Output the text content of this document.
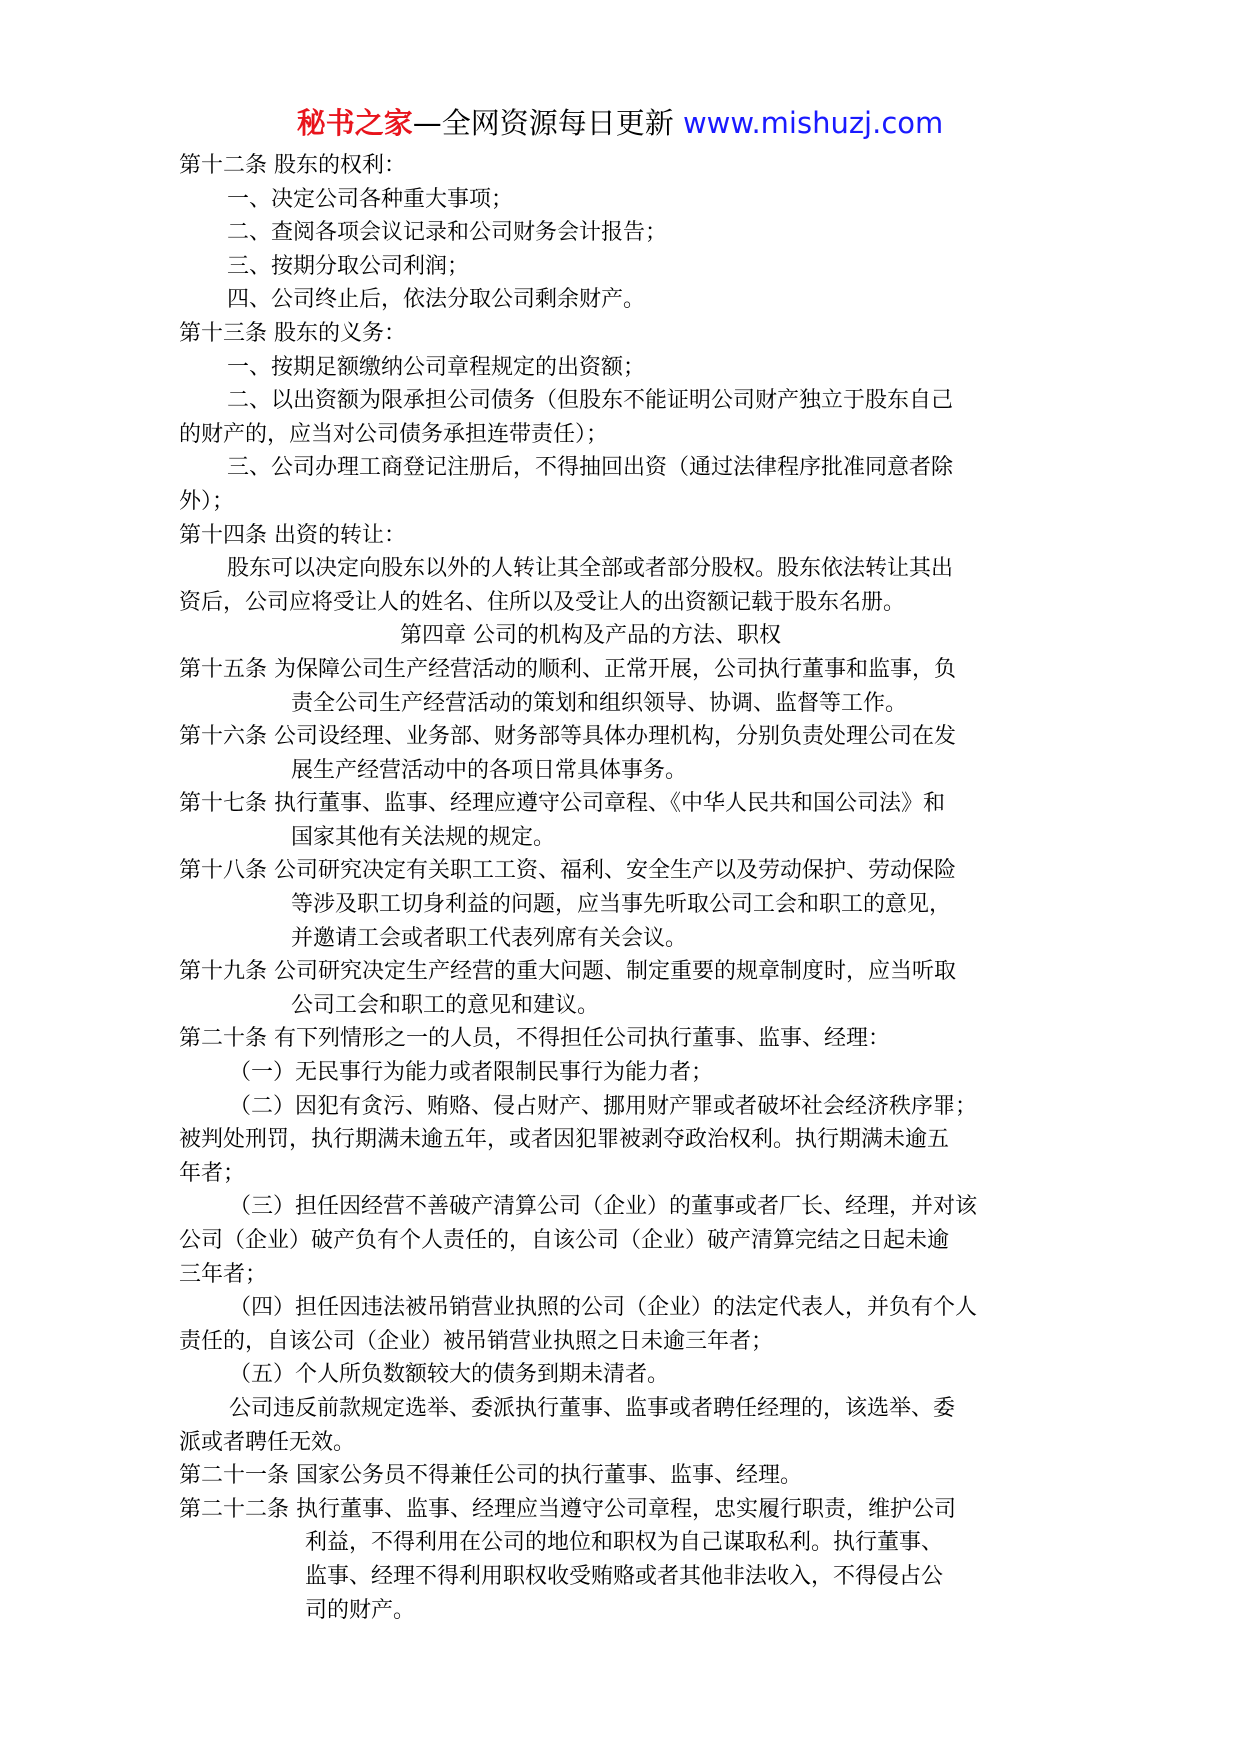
秘书之家—全网资源每日更新 www.mishuzj.com
第十二条 股东的权利：
一、决定公司各种重大事项；
二、查阅各项会议记录和公司财务会计报告；
三、按期分取公司利润；
四、公司终止后，依法分取公司剩余财产。
第十三条 股东的义务：
一、按期足额缴纳公司章程规定的出资额；
二、以出资额为限承担公司债务（但股东不能证明公司财产独立于股东自己
的财产的，应当对公司债务承担连带责任）；
三、公司办理工商登记注册后，不得抽回出资（通过法律程序批准同意者除
外）；
第十四条 出资的转让：
股东可以决定向股东以外的人转让其全部或者部分股权。股东依法转让其出
资后，公司应将受让人的姓名、住所以及受让人的出资额记载于股东名册。
第四章 公司的机构及产品的方法、职权
第十五条 为保障公司生产经营活动的顺利、正常开展，公司执行董事和监事，负
责全公司生产经营活动的策划和组织领导、协调、监督等工作。
第十六条 公司设经理、业务部、财务部等具体办理机构，分别负责处理公司在发
展生产经营活动中的各项日常具体事务。
第十七条 执行董事、监事、经理应遵守公司章程、《中华人民共和国公司法》和
国家其他有关法规的规定。
第十八条 公司研究决定有关职工工资、福利、安全生产以及劳动保护、劳动保险
等涉及职工切身利益的问题，应当事先听取公司工会和职工的意见，
并邀请工会或者职工代表列席有关会议。
第十九条 公司研究决定生产经营的重大问题、制定重要的规章制度时，应当听取
公司工会和职工的意见和建议。
第二十条 有下列情形之一的人员，不得担任公司执行董事、监事、经理：
（一）无民事行为能力或者限制民事行为能力者；
（二）因犯有贪污、贿赂、侵占财产、挪用财产罪或者破坏社会经济秩序罪；
被判处刑罚，执行期满未逾五年，或者因犯罪被剥夺政治权利。执行期满未逾五
年者；
（三）担任因经营不善破产清算公司（企业）的董事或者厂长、经理，并对该
公司（企业）破产负有个人责任的，自该公司（企业）破产清算完结之日起未逾
三年者；
（四）担任因违法被吊销营业执照的公司（企业）的法定代表人，并负有个人
责任的，自该公司（企业）被吊销营业执照之日未逾三年者；
（五）个人所负数额较大的债务到期未清者。
公司违反前款规定选举、委派执行董事、监事或者聘任经理的，该选举、委
派或者聘任无效。
第二十一条 国家公务员不得兼任公司的执行董事、监事、经理。
第二十二条 执行董事、监事、经理应当遵守公司章程，忠实履行职责，维护公司
利益，不得利用在公司的地位和职权为自己谋取私利。执行董事、
监事、经理不得利用职权收受贿赂或者其他非法收入，不得侵占公
司的财产。
